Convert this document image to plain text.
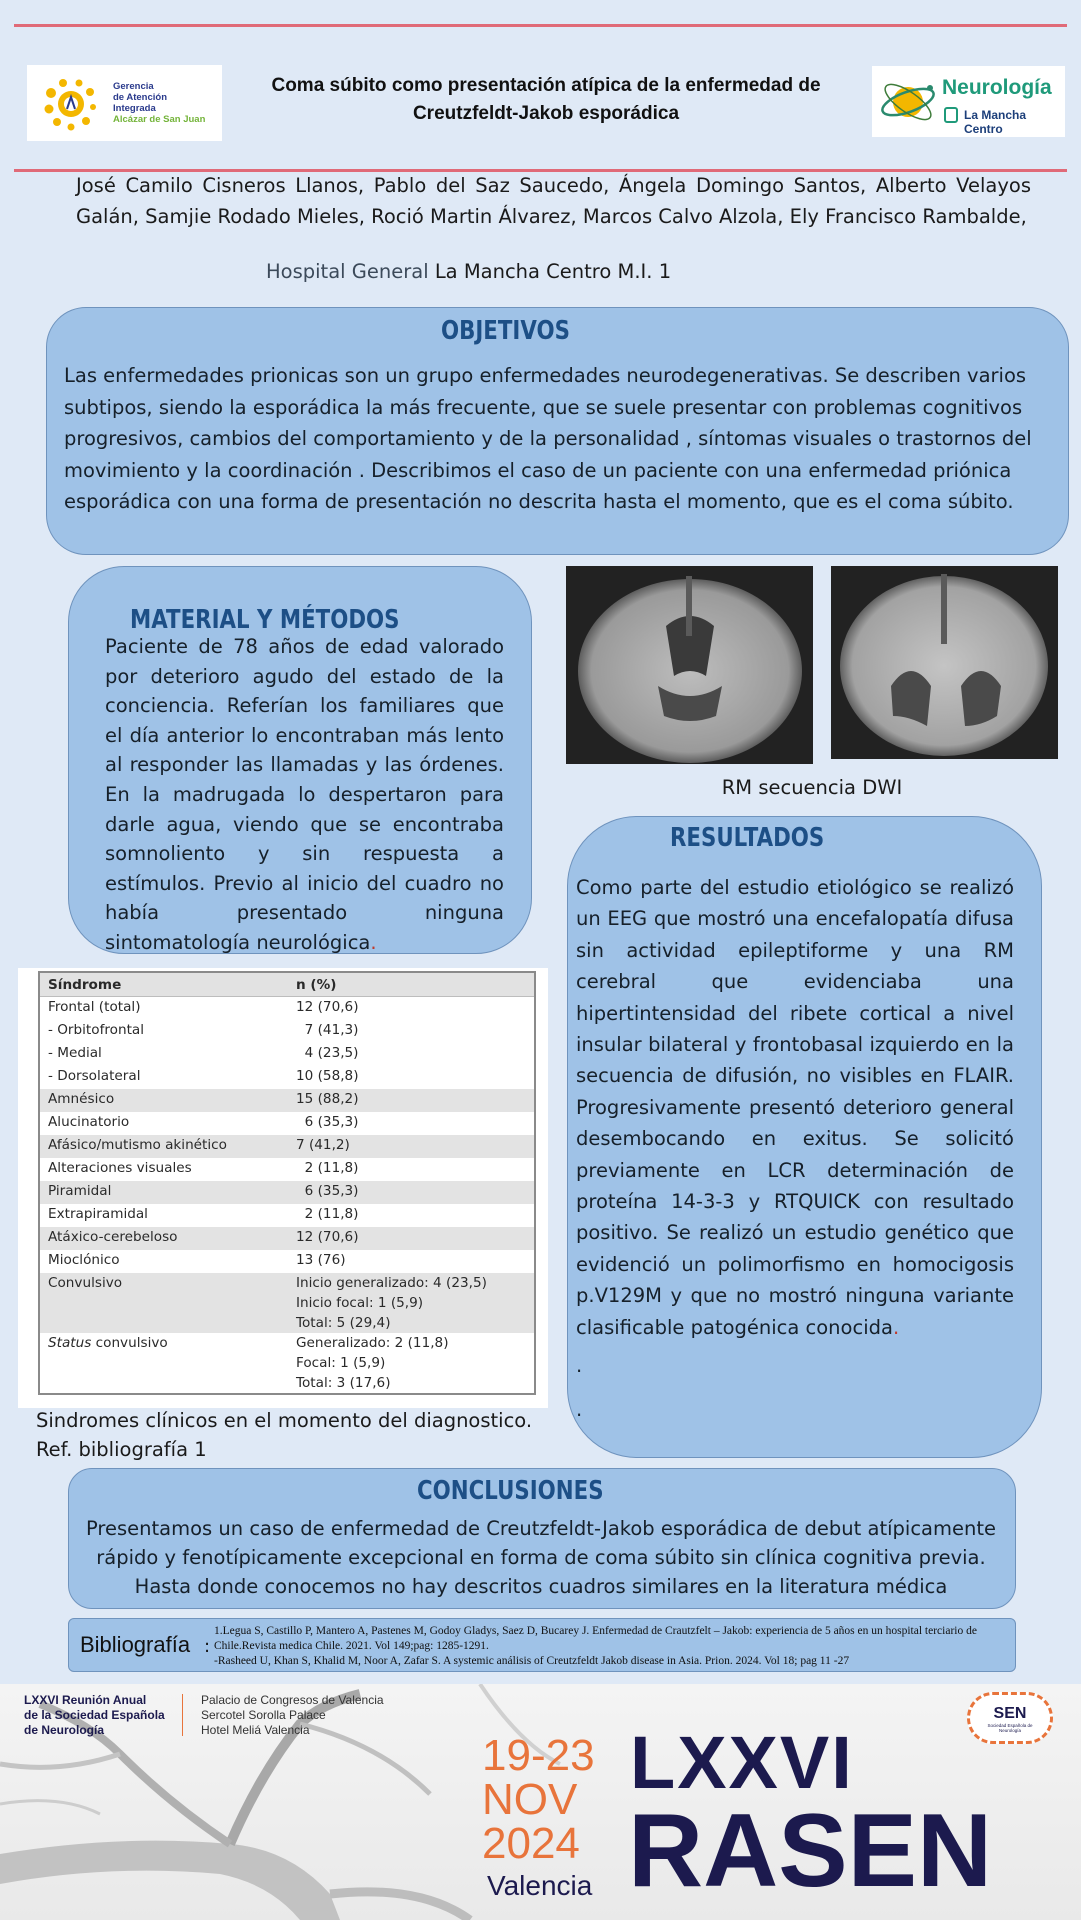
Gerencia
de Atención
Integrada
Alcázar de San Juan
Coma súbito como presentación atípica de la enfermedad de Creutzfeldt-Jakob esporádica
Neurología
La Mancha Centro
José Camilo Cisneros Llanos, Pablo del Saz Saucedo, Ángela Domingo Santos, Alberto Velayos Galán, Samjie Rodado Mieles, Roció Martin Álvarez, Marcos Calvo Alzola, Ely Francisco Rambalde,
Hospital General La Mancha Centro M.I. 1
OBJETIVOS
Las enfermedades prionicas son un grupo enfermedades neurodegenerativas. Se describen varios subtipos, siendo la esporádica la más frecuente, que se suele presentar con problemas cognitivos progresivos, cambios del comportamiento y de la personalidad , síntomas visuales o trastornos del movimiento y la coordinación . Describimos el caso de un paciente con una enfermedad priónica esporádica con una forma de presentación no descrita hasta el momento, que es el coma súbito.
MATERIAL Y MÉTODOS
Paciente de 78 años de edad valorado por deterioro agudo del estado de la conciencia. Referían los familiares que el día anterior lo encontraban más lento al responder las llamadas y las órdenes. En la madrugada lo despertaron para darle agua, viendo que se encontraba somnoliento y sin respuesta a estímulos. Previo al inicio del cuadro no había presentado ninguna sintomatología neurológica.
RM secuencia DWI
RESULTADOS
Como parte del estudio etiológico se realizó un EEG que mostró una encefalopatía difusa sin actividad epileptiforme y una RM cerebral que evidenciaba una hipertintensidad del ribete cortical a nivel insular bilateral y frontobasal izquierdo en la secuencia de difusión, no visibles en FLAIR. Progresivamente presentó deterioro general desembocando en exitus. Se solicitó previamente en LCR determinación de proteína 14-3-3 y RTQUICK con resultado positivo. Se realizó un estudio genético que evidenció un polimorfismo en homocigosis p.V129M y que no mostró ninguna variante clasificable patogénica conocida.
.
.
Síndrome	n (%)
Frontal (total)	12 (70,6)
- Orbitofrontal	7 (41,3)
- Medial	4 (23,5)
- Dorsolateral	10 (58,8)
Amnésico	15 (88,2)
Alucinatorio	6 (35,3)
Afásico/mutismo akinético	7 (41,2)
Alteraciones visuales	2 (11,8)
Piramidal	6 (35,3)
Extrapiramidal	2 (11,8)
Atáxico-cerebeloso	12 (70,6)
Mioclónico	13 (76)
Convulsivo	Inicio generalizado: 4 (23,5)
Inicio focal: 1 (5,9)
Total: 5 (29,4)

Status convulsivo	Generalizado: 2 (11,8)
Focal: 1 (5,9)
Total: 3 (17,6)
Sindromes clínicos en el momento del diagnostico.
Ref. bibliografía 1
CONCLUSIONES
Presentamos un caso de enfermedad de Creutzfeldt-Jakob esporádica de debut atípicamente rápido y fenotípicamente excepcional en forma de coma súbito sin clínica cognitiva previa. Hasta donde conocemos no hay descritos cuadros similares en la literatura médica
Bibliografía :
1.Legua S, Castillo P, Mantero A, Pastenes M, Godoy Gladys, Saez D, Bucarey J. Enfermedad de Crautzfelt – Jakob: experiencia de 5 años en un hospital terciario de Chile.Revista medica Chile. 2021. Vol 149;pag: 1285-1291.
-Rasheed U, Khan S, Khalid M, Noor A, Zafar S. A systemic análisis of Creutzfeldt Jakob disease in Asia. Prion. 2024. Vol 18; pag 11 -27
LXXVI Reunión Anual
de la Sociedad Española
de Neurología
Palacio de Congresos de Valencia
Sercotel Sorolla Palace
Hotel Meliá Valencia
19-23
NOV
2024
Valencia
LXXVI
RASEN
SEN
Sociedad Española de Neurología
